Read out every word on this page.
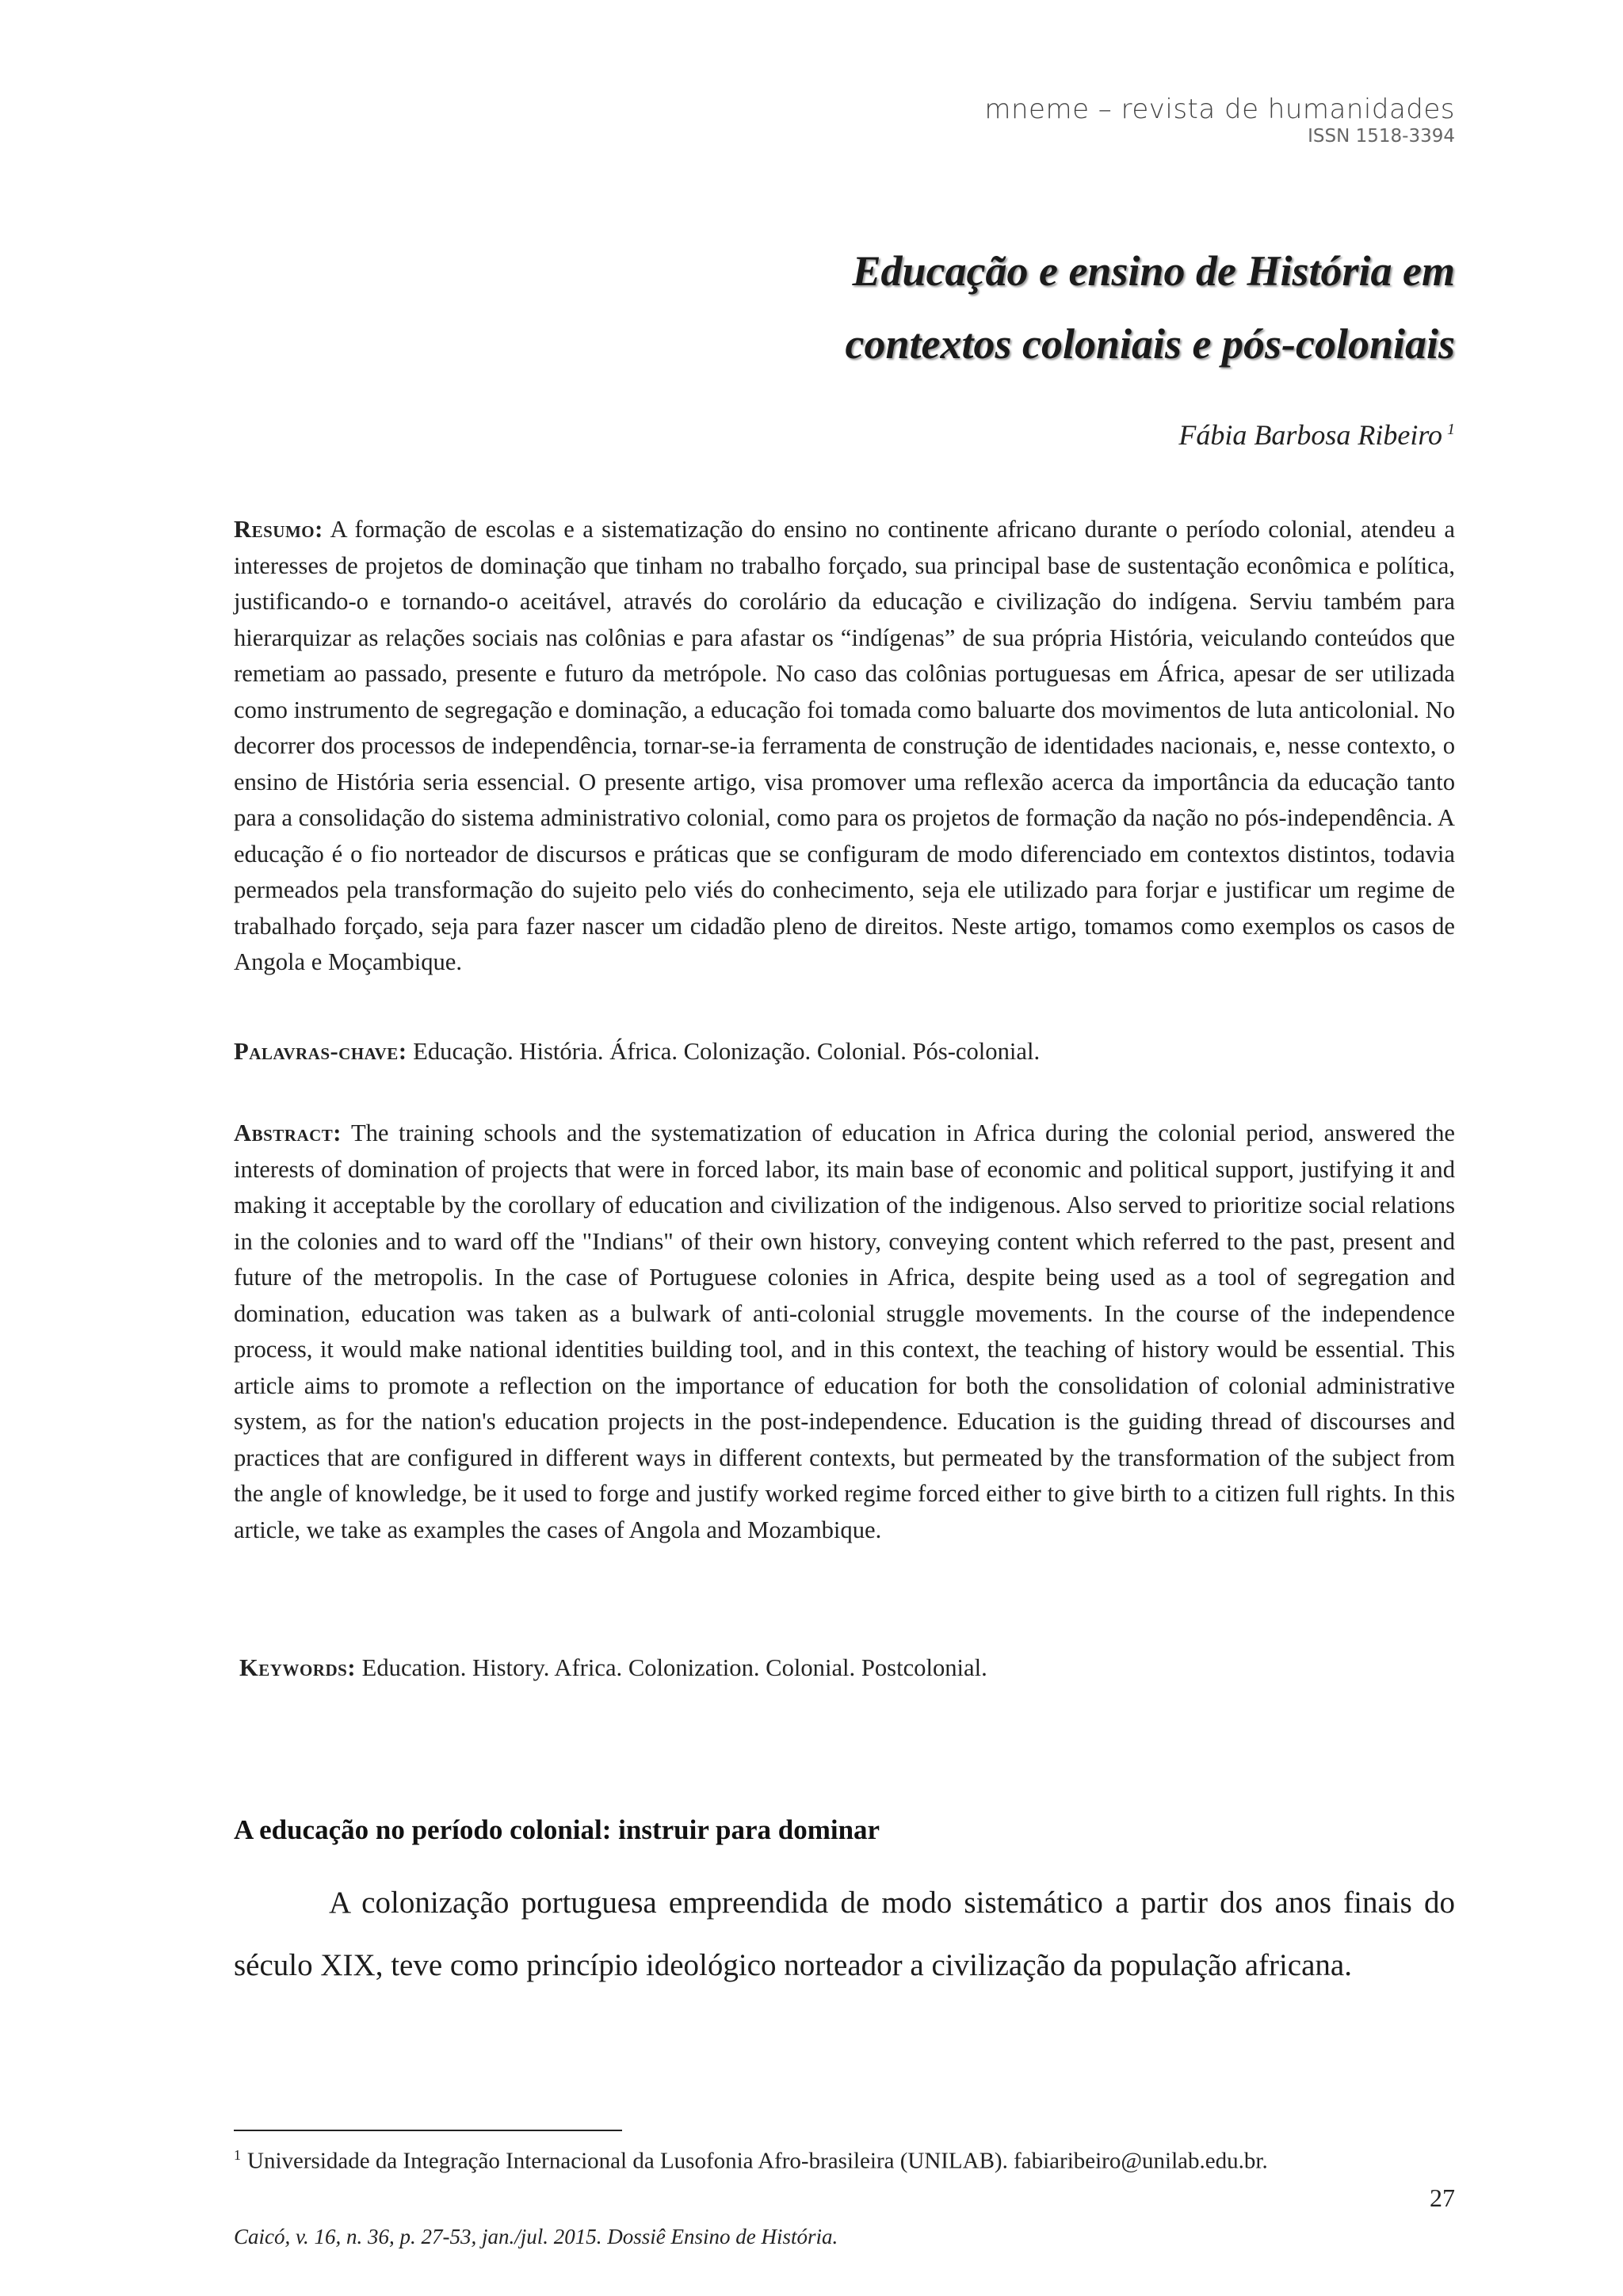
mneme – revista de humanidades
ISSN 1518-3394
Educação e ensino de História em
contextos coloniais e pós-coloniais
Fábia Barbosa Ribeiro $^1$
Resumo: A formação de escolas e a sistematização do ensino no continente africano durante o período colonial, atendeu a interesses de projetos de dominação que tinham no trabalho forçado, sua principal base de sustentação econômica e política, justificando-o e tornando-o aceitável, através do corolário da educação e civilização do indígena. Serviu também para hierarquizar as relações sociais nas colônias e para afastar os “indígenas” de sua própria História, veiculando conteúdos que remetiam ao passado, presente e futuro da metrópole. No caso das colônias portuguesas em África, apesar de ser utilizada como instrumento de segregação e dominação, a educação foi tomada como baluarte dos movimentos de luta anticolonial. No decorrer dos processos de independência, tornar-se-ia ferramenta de construção de identidades nacionais, e, nesse contexto, o ensino de História seria essencial. O presente artigo, visa promover uma reflexão acerca da importância da educação tanto para a consolidação do sistema administrativo colonial, como para os projetos de formação da nação no pós-independência. A educação é o fio norteador de discursos e práticas que se configuram de modo diferenciado em contextos distintos, todavia permeados pela transformação do sujeito pelo viés do conhecimento, seja ele utilizado para forjar e justificar um regime de trabalhado forçado, seja para fazer nascer um cidadão pleno de direitos. Neste artigo, tomamos como exemplos os casos de Angola e Moçambique.
Palavras-chave: Educação. História. África. Colonização. Colonial. Pós-colonial.
Abstract: The training schools and the systematization of education in Africa during the colonial period, answered the interests of domination of projects that were in forced labor, its main base of economic and political support, justifying it and making it acceptable by the corollary of education and civilization of the indigenous. Also served to prioritize social relations in the colonies and to ward off the "Indians" of their own history, conveying content which referred to the past, present and future of the metropolis. In the case of Portuguese colonies in Africa, despite being used as a tool of segregation and domination, education was taken as a bulwark of anti-colonial struggle movements. In the course of the independence process, it would make national identities building tool, and in this context, the teaching of history would be essential. This article aims to promote a reflection on the importance of education for both the consolidation of colonial administrative system, as for the nation's education projects in the post-independence. Education is the guiding thread of discourses and practices that are configured in different ways in different contexts, but permeated by the transformation of the subject from the angle of knowledge, be it used to forge and justify worked regime forced either to give birth to a citizen full rights. In this article, we take as examples the cases of Angola and Mozambique.
Keywords: Education. History. Africa. Colonization. Colonial. Postcolonial.
A educação no período colonial: instruir para dominar
A colonização portuguesa empreendida de modo sistemático a partir dos anos finais do século XIX, teve como princípio ideológico norteador a civilização da população africana.
$^1$ Universidade da Integração Internacional da Lusofonia Afro-brasileira (UNILAB). fabiaribeiro@unilab.edu.br.
27
Caicó, v. 16, n. 36, p. 27-53, jan./jul. 2015. Dossiê Ensino de História.
